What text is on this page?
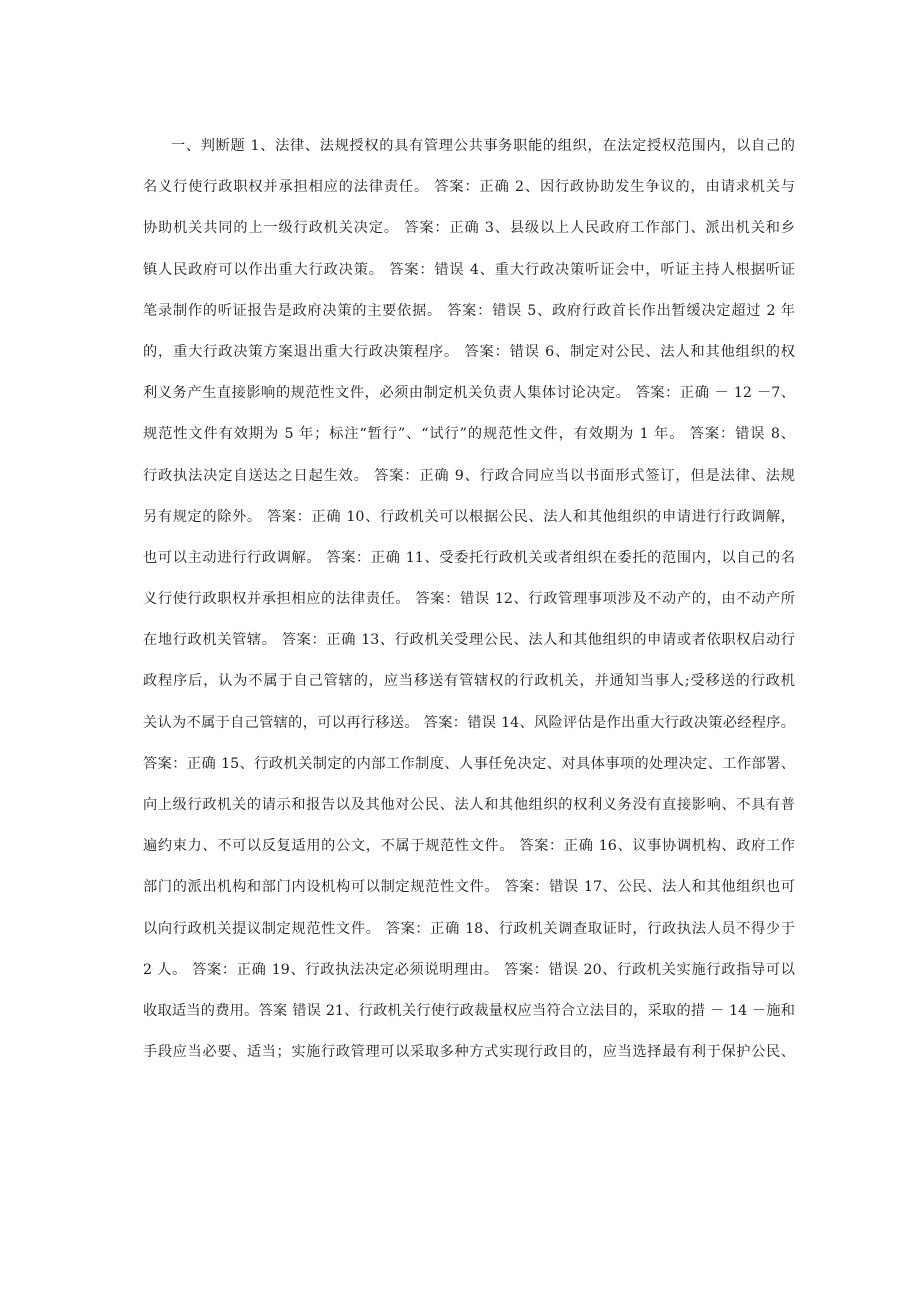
一、判断题 1、法律、法规授权的具有管理公共事务职能的组织，在法定授权范围内，以自己的
名义行使行政职权并承担相应的法律责任。 答案：正确 2、因行政协助发生争议的，由请求机关与
协助机关共同的上一级行政机关决定。 答案：正确 3、县级以上人民政府工作部门、派出机关和乡
镇人民政府可以作出重大行政决策。 答案：错误 4、重大行政决策听证会中，听证主持人根据听证
笔录制作的听证报告是政府决策的主要依据。 答案：错误 5、政府行政首长作出暂缓决定超过 2 年
的，重大行政决策方案退出重大行政决策程序。 答案：错误 6、制定对公民、法人和其他组织的权
利义务产生直接影响的规范性文件，必须由制定机关负责人集体讨论决定。 答案：正确 － 12 －7、
规范性文件有效期为 5 年；标注“暂行”、“试行”的规范性文件，有效期为 1 年。 答案：错误 8、
行政执法决定自送达之日起生效。 答案：正确 9、行政合同应当以书面形式签订，但是法律、法规
另有规定的除外。 答案：正确 10、行政机关可以根据公民、法人和其他组织的申请进行行政调解，
也可以主动进行行政调解。 答案：正确 11、受委托行政机关或者组织在委托的范围内，以自己的名
义行使行政职权并承担相应的法律责任。 答案：错误 12、行政管理事项涉及不动产的，由不动产所
在地行政机关管辖。 答案：正确 13、行政机关受理公民、法人和其他组织的申请或者依职权启动行
政程序后，认为不属于自己管辖的，应当移送有管辖权的行政机关，并通知当事人;受移送的行政机
关认为不属于自己管辖的，可以再行移送。 答案：错误 14、风险评估是作出重大行政决策必经程序。
答案：正确 15、行政机关制定的内部工作制度、人事任免决定、对具体事项的处理决定、工作部署、
向上级行政机关的请示和报告以及其他对公民、法人和其他组织的权利义务没有直接影响、不具有普
遍约束力、不可以反复适用的公文，不属于规范性文件。 答案：正确 16、议事协调机构、政府工作
部门的派出机构和部门内设机构可以制定规范性文件。 答案：错误 17、公民、法人和其他组织也可
以向行政机关提议制定规范性文件。 答案：正确 18、行政机关调查取证时，行政执法人员不得少于
2 人。 答案：正确 19、行政执法决定必须说明理由。 答案：错误 20、行政机关实施行政指导可以
收取适当的费用。答案 错误 21、行政机关行使行政裁量权应当符合立法目的，采取的措 － 14 －施和
手段应当必要、适当；实施行政管理可以采取多种方式实现行政目的，应当选择最有利于保护公民、
